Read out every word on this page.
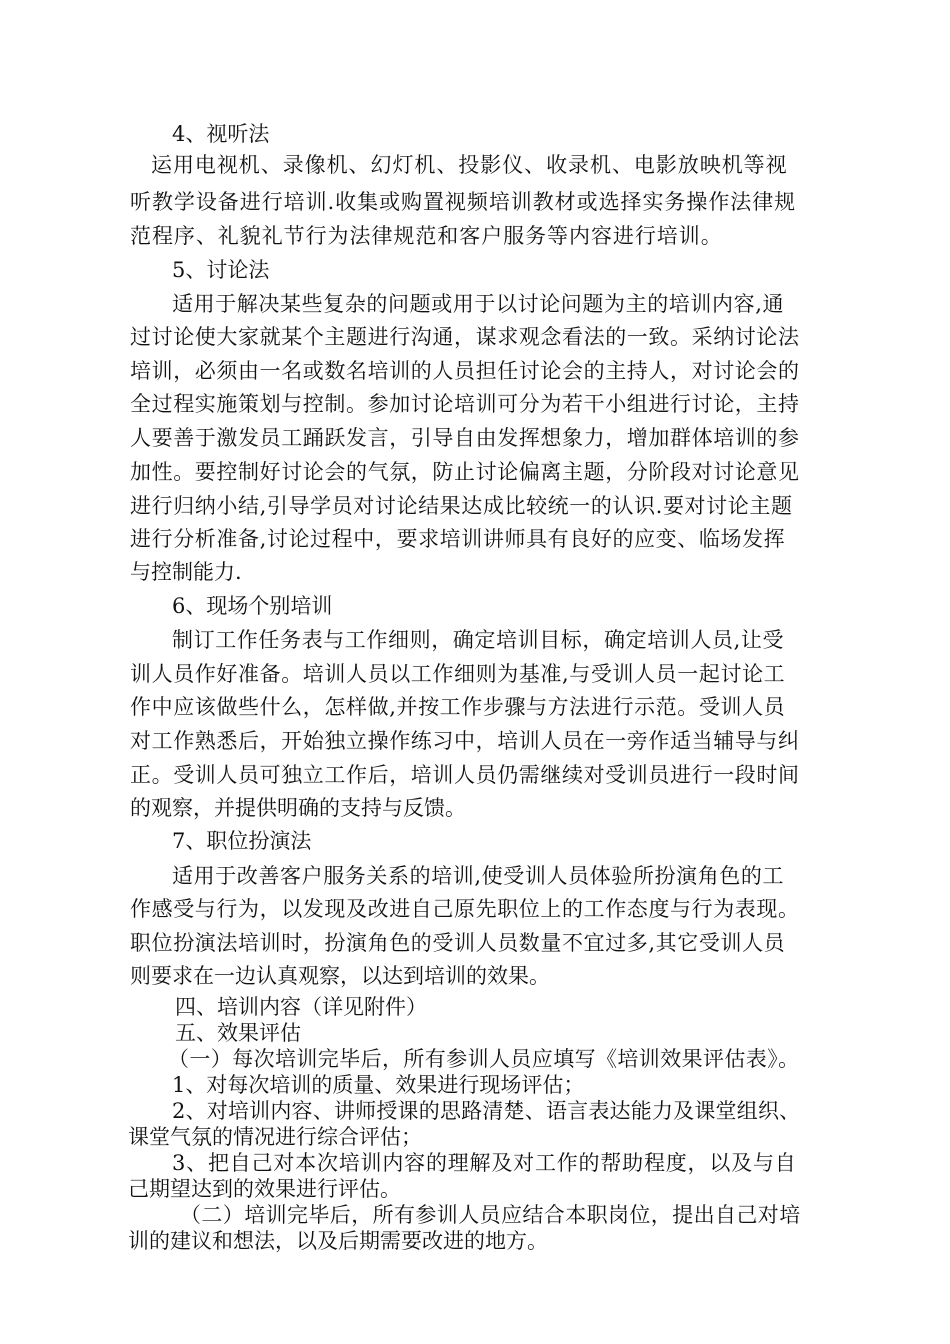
4、视听法

运用电视机、录像机、幻灯机、投影仪、收录机、电影放映机等视

听教学设备进行培训.收集或购置视频培训教材或选择实务操作法律规

范程序、礼貌礼节行为法律规范和客户服务等内容进行培训。

5、讨论法

适用于解决某些复杂的问题或用于以讨论问题为主的培训内容,通

过讨论使大家就某个主题进行沟通，谋求观念看法的一致。采纳讨论法

培训，必须由一名或数名培训的人员担任讨论会的主持人，对讨论会的

全过程实施策划与控制。参加讨论培训可分为若干小组进行讨论，主持

人要善于激发员工踊跃发言，引导自由发挥想象力，增加群体培训的参

加性。要控制好讨论会的气氛，防止讨论偏离主题，分阶段对讨论意见

进行归纳小结,引导学员对讨论结果达成比较统一的认识.要对讨论主题

进行分析准备,讨论过程中，要求培训讲师具有良好的应变、临场发挥

与控制能力.

6、现场个别培训

制订工作任务表与工作细则，确定培训目标，确定培训人员,让受

训人员作好准备。培训人员以工作细则为基准,与受训人员一起讨论工

作中应该做些什么，怎样做,并按工作步骤与方法进行示范。受训人员

对工作熟悉后，开始独立操作练习中，培训人员在一旁作适当辅导与纠

正。受训人员可独立工作后，培训人员仍需继续对受训员进行一段时间

的观察，并提供明确的支持与反馈。

7、职位扮演法

适用于改善客户服务关系的培训,使受训人员体验所扮演角色的工

作感受与行为，以发现及改进自己原先职位上的工作态度与行为表现。

职位扮演法培训时，扮演角色的受训人员数量不宜过多,其它受训人员

则要求在一边认真观察，以达到培训的效果。

四、培训内容（详见附件）

五、效果评估

（一）每次培训完毕后，所有参训人员应填写《培训效果评估表》。

1、对每次培训的质量、效果进行现场评估；

2、对培训内容、讲师授课的思路清楚、语言表达能力及课堂组织、

课堂气氛的情况进行综合评估；

3、把自己对本次培训内容的理解及对工作的帮助程度，以及与自

己期望达到的效果进行评估。

（二）培训完毕后，所有参训人员应结合本职岗位，提出自己对培

训的建议和想法，以及后期需要改进的地方。
